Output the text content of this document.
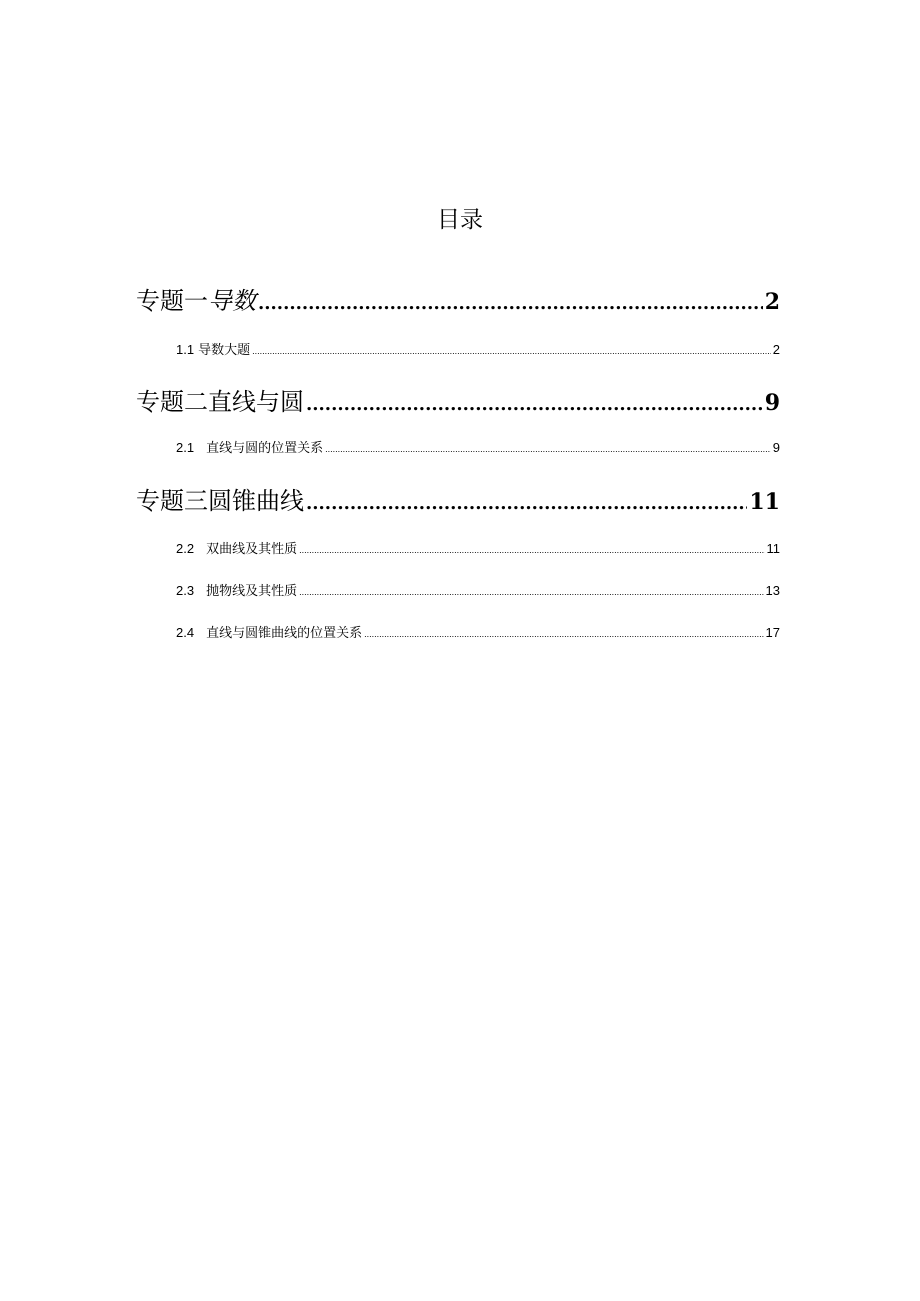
目录
专题一导数 .....	2
1.1 导数大题 .....	2
专题二直线与圆 .....	9
2.1 直线与圆的位置关系 .....	9
专题三圆锥曲线 .....	11
2.2 双曲线及其性质 .....	11
2.3 抛物线及其性质 .....	13
2.4 直线与圆锥曲线的位置关系 .....	17
